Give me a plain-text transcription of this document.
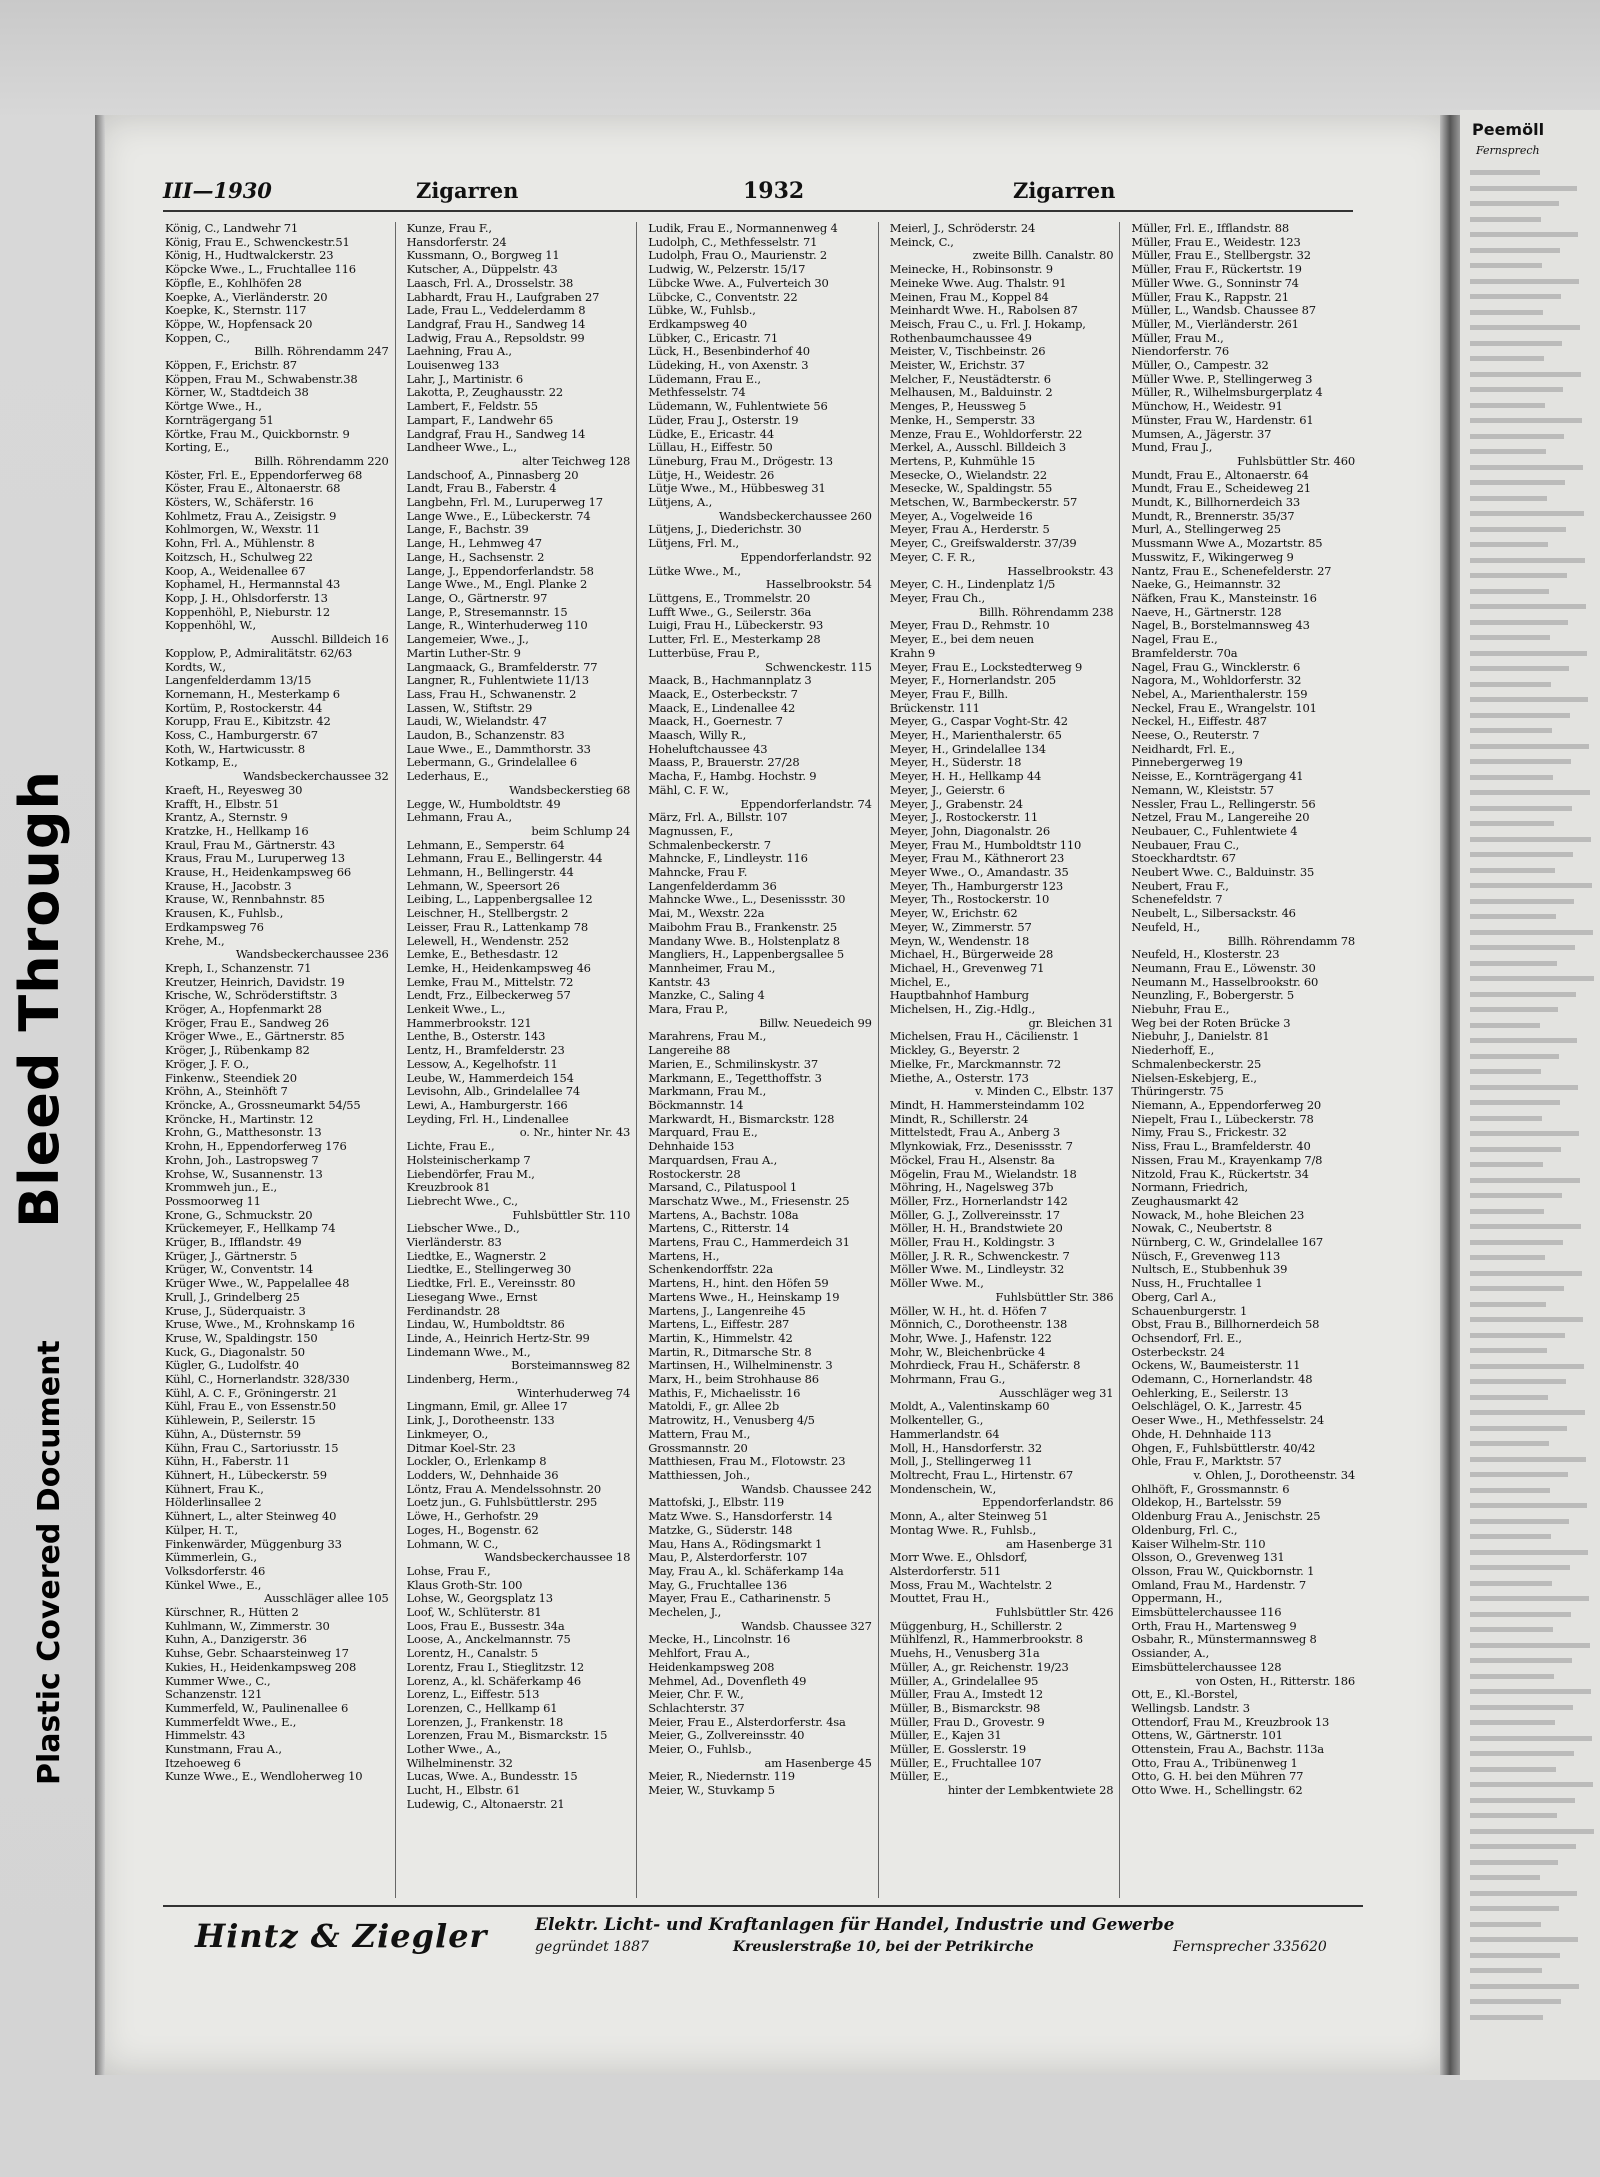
Bleed Through
Plastic Covered Document
Peemöll
Fernsprech
III—1930	Zigarren	1932	Zigarren
König, C., Landwehr 71
König, Frau E., Schwenckestr.51
König, H., Hudtwalckerstr. 23
Köpcke Wwe., L., Fruchtallee 116
Köpfle, E., Kohlhöfen 28
Koepke, A., Vierländerstr. 20
Koepke, K., Sternstr. 117
Köppe, W., Hopfensack 20
Koppen, C.,
Billh. Röhrendamm 247
Köppen, F., Erichstr. 87
Köppen, Frau M., Schwabenstr.38
Körner, W., Stadtdeich 38
Körtge Wwe., H.,
Kornträgergang 51
Körtke, Frau M., Quickbornstr. 9
Korting, E.,
Billh. Röhrendamm 220
Köster, Frl. E., Eppendorferweg 68
Köster, Frau E., Altonaerstr. 68
Kösters, W., Schäferstr. 16
Kohlmetz, Frau A., Zeisigstr. 9
Kohlmorgen, W., Wexstr. 11
Kohn, Frl. A., Mühlenstr. 8
Koitzsch, H., Schulweg 22
Koop, A., Weidenallee 67
Kophamel, H., Hermannstal 43
Kopp, J. H., Ohlsdorferstr. 13
Koppenhöhl, P., Nieburstr. 12
Koppenhöhl, W.,
Ausschl. Billdeich 16
Kopplow, P., Admiralitätstr. 62/63
Kordts, W.,
Langenfelderdamm 13/15
Kornemann, H., Mesterkamp 6
Kortüm, P., Rostockerstr. 44
Korupp, Frau E., Kibitzstr. 42
Koss, C., Hamburgerstr. 67
Koth, W., Hartwicusstr. 8
Kotkamp, E.,
Wandsbeckerchaussee 32
Kraeft, H., Reyesweg 30
Krafft, H., Elbstr. 51
Krantz, A., Sternstr. 9
Kratzke, H., Hellkamp 16
Kraul, Frau M., Gärtnerstr. 43
Kraus, Frau M., Luruperweg 13
Krause, H., Heidenkampsweg 66
Krause, H., Jacobstr. 3
Krause, W., Rennbahnstr. 85
Krausen, K., Fuhlsb.,
Erdkampsweg 76
Krehe, M.,
Wandsbeckerchaussee 236
Kreph, I., Schanzenstr. 71
Kreutzer, Heinrich, Davidstr. 19
Krische, W., Schröderstiftstr. 3
Kröger, A., Hopfenmarkt 28
Kröger, Frau E., Sandweg 26
Kröger Wwe., E., Gärtnerstr. 85
Kröger, J., Rübenkamp 82
Kröger, J. F. O.,
Finkenw., Steendiek 20
Kröhn, A., Steinhöft 7
Kröncke, A., Grossneumarkt 54/55
Kröncke, H., Martinstr. 12
Krohn, G., Matthesonstr. 13
Krohn, H., Eppendorferweg 176
Krohn, Joh., Lastropsweg 7
Krohse, W., Susannenstr. 13
Krommweh jun., E.,
Possmoorweg 11
Krone, G., Schmuckstr. 20
Krückemeyer, F., Hellkamp 74
Krüger, B., Ifflandstr. 49
Krüger, J., Gärtnerstr. 5
Krüger, W., Conventstr. 14
Krüger Wwe., W., Pappelallee 48
Krull, J., Grindelberg 25
Kruse, J., Süderquaistr. 3
Kruse, Wwe., M., Krohnskamp 16
Kruse, W., Spaldingstr. 150
Kuck, G., Diagonalstr. 50
Kügler, G., Ludolfstr. 40
Kühl, C., Hornerlandstr. 328/330
Kühl, A. C. F., Gröningerstr. 21
Kühl, Frau E., von Essenstr.50
Kühlewein, P., Seilerstr. 15
Kühn, A., Düsternstr. 59
Kühn, Frau C., Sartoriusstr. 15
Kühn, H., Faberstr. 11
Kühnert, H., Lübeckerstr. 59
Kühnert, Frau K.,
Hölderlinsallee 2
Kühnert, L., alter Steinweg 40
Külper, H. T.,
Finkenwärder, Müggenburg 33
Kümmerlein, G.,
Volksdorferstr. 46
Künkel Wwe., E.,
Ausschläger allee 105
Kürschner, R., Hütten 2
Kuhlmann, W., Zimmerstr. 30
Kuhn, A., Danzigerstr. 36
Kuhse, Gebr. Schaarsteinweg 17
Kukies, H., Heidenkampsweg 208
Kummer Wwe., C.,
Schanzenstr. 121
Kummerfeld, W., Paulinenallee 6
Kummerfeldt Wwe., E.,
Himmelstr. 43
Kunstmann, Frau A.,
Itzehoeweg 6
Kunze Wwe., E., Wendloherweg 10
Kunze, Frau F.,
Hansdorferstr. 24
Kussmann, O., Borgweg 11
Kutscher, A., Düppelstr. 43
Laasch, Frl. A., Drosselstr. 38
Labhardt, Frau H., Laufgraben 27
Lade, Frau L., Veddelerdamm 8
Landgraf, Frau H., Sandweg 14
Ladwig, Frau A., Repsoldstr. 99
Laehning, Frau A.,
Louisenweg 133
Lahr, J., Martinistr. 6
Lakotta, P., Zeughausstr. 22
Lambert, F., Feldstr. 55
Lampart, F., Landwehr 65
Landgraf, Frau H., Sandweg 14
Landheer Wwe., L.,
alter Teichweg 128
Landschoof, A., Pinnasberg 20
Landt, Frau B., Faberstr. 4
Langbehn, Frl. M., Luruperweg 17
Lange Wwe., E., Lübeckerstr. 74
Lange, F., Bachstr. 39
Lange, H., Lehmweg 47
Lange, H., Sachsenstr. 2
Lange, J., Eppendorferlandstr. 58
Lange Wwe., M., Engl. Planke 2
Lange, O., Gärtnerstr. 97
Lange, P., Stresemannstr. 15
Lange, R., Winterhuderweg 110
Langemeier, Wwe., J.,
Martin Luther-Str. 9
Langmaack, G., Bramfelderstr. 77
Langner, R., Fuhlentwiete 11/13
Lass, Frau H., Schwanenstr. 2
Lassen, W., Stiftstr. 29
Laudi, W., Wielandstr. 47
Laudon, B., Schanzenstr. 83
Laue Wwe., E., Dammthorstr. 33
Lebermann, G., Grindelallee 6
Lederhaus, E.,
Wandsbeckerstieg 68
Legge, W., Humboldtstr. 49
Lehmann, Frau A.,
beim Schlump 24
Lehmann, E., Semperstr. 64
Lehmann, Frau E., Bellingerstr. 44
Lehmann, H., Bellingerstr. 44
Lehmann, W., Speersort 26
Leibing, L., Lappenbergsallee 12
Leischner, H., Stellbergstr. 2
Leisser, Frau R., Lattenkamp 78
Lelewell, H., Wendenstr. 252
Lemke, E., Bethesdastr. 12
Lemke, H., Heidenkampsweg 46
Lemke, Frau M., Mittelstr. 72
Lendt, Frz., Eilbeckerweg 57
Lenkeit Wwe., L.,
Hammerbrookstr. 121
Lenthe, B., Osterstr. 143
Lentz, H., Bramfelderstr. 23
Lessow, A., Kegelhofstr. 11
Leube, W., Hammerdeich 154
Levisohn, Alb., Grindelallee 74
Lewi, A., Hamburgerstr. 166
Leyding, Frl. H., Lindenallee
o. Nr., hinter Nr. 43
Lichte, Frau E.,
Holsteinischerkamp 7
Liebendörfer, Frau M.,
Kreuzbrook 81
Liebrecht Wwe., C.,
Fuhlsbüttler Str. 110
Liebscher Wwe., D.,
Vierländerstr. 83
Liedtke, E., Wagnerstr. 2
Liedtke, E., Stellingerweg 30
Liedtke, Frl. E., Vereinsstr. 80
Liesegang Wwe., Ernst
Ferdinandstr. 28
Lindau, W., Humboldtstr. 86
Linde, A., Heinrich Hertz-Str. 99
Lindemann Wwe., M.,
Borsteimannsweg 82
Lindenberg, Herm.,
Winterhuderweg 74
Lingmann, Emil, gr. Allee 17
Link, J., Dorotheenstr. 133
Linkmeyer, O.,
Ditmar Koel-Str. 23
Lockler, O., Erlenkamp 8
Lodders, W., Dehnhaide 36
Löntz, Frau A. Mendelssohnstr. 20
Loetz jun., G. Fuhlsbüttlerstr. 295
Löwe, H., Gerhofstr. 29
Loges, H., Bogenstr. 62
Lohmann, W. C.,
Wandsbeckerchaussee 18
Lohse, Frau F.,
Klaus Groth-Str. 100
Lohse, W., Georgsplatz 13
Loof, W., Schlüterstr. 81
Loos, Frau E., Bussestr. 34a
Loose, A., Anckelmannstr. 75
Lorentz, H., Canalstr. 5
Lorentz, Frau I., Stieglitzstr. 12
Lorenz, A., kl. Schäferkamp 46
Lorenz, L., Eiffestr. 513
Lorenzen, C., Hellkamp 61
Lorenzen, J., Frankenstr. 18
Lorenzen, Frau M., Bismarckstr. 15
Lother Wwe., A.,
Wilhelminenstr. 32
Lucas, Wwe. A., Bundesstr. 15
Lucht, H., Elbstr. 61
Ludewig, C., Altonaerstr. 21
Ludik, Frau E., Normannenweg 4
Ludolph, C., Methfesselstr. 71
Ludolph, Frau O., Maurienstr. 2
Ludwig, W., Pelzerstr. 15/17
Lübcke Wwe. A., Fulverteich 30
Lübcke, C., Conventstr. 22
Lübke, W., Fuhlsb.,
Erdkampsweg 40
Lübker, C., Ericastr. 71
Lück, H., Besenbinderhof 40
Lüdeking, H., von Axenstr. 3
Lüdemann, Frau E.,
Methfesselstr. 74
Lüdemann, W., Fuhlentwiete 56
Lüder, Frau J., Osterstr. 19
Lüdke, E., Ericastr. 44
Lüllau, H., Eiffestr. 50
Lüneburg, Frau M., Drögestr. 13
Lütje, H., Weidestr. 26
Lütje Wwe., M., Hübbesweg 31
Lütjens, A.,
Wandsbeckerchaussee 260
Lütjens, J., Diederichstr. 30
Lütjens, Frl. M.,
Eppendorferlandstr. 92
Lütke Wwe., M.,
Hasselbrookstr. 54
Lüttgens, E., Trommelstr. 20
Lufft Wwe., G., Seilerstr. 36a
Luigi, Frau H., Lübeckerstr. 93
Lutter, Frl. E., Mesterkamp 28
Lutterbüse, Frau P.,
Schwenckestr. 115
Maack, B., Hachmannplatz 3
Maack, E., Osterbeckstr. 7
Maack, E., Lindenallee 42
Maack, H., Goernestr. 7
Maasch, Willy R.,
Hoheluftchaussee 43
Maass, P., Brauerstr. 27/28
Macha, F., Hambg. Hochstr. 9
Mähl, C. F. W.,
Eppendorferlandstr. 74
März, Frl. A., Billstr. 107
Magnussen, F.,
Schmalenbeckerstr. 7
Mahncke, F., Lindleystr. 116
Mahncke, Frau F.
Langenfelderdamm 36
Mahncke Wwe., L., Desenissstr. 30
Mai, M., Wexstr. 22a
Maibohm Frau B., Frankenstr. 25
Mandany Wwe. B., Holstenplatz 8
Mangliers, H., Lappenbergsallee 5
Mannheimer, Frau M.,
Kantstr. 43
Manzke, C., Saling 4
Mara, Frau P.,
Billw. Neuedeich 99
Marahrens, Frau M.,
Langereihe 88
Marien, E., Schmilinskystr. 37
Markmann, E., Tegetthoffstr. 3
Markmann, Frau M.,
Böckmannstr. 14
Markwardt, H., Bismarckstr. 128
Marquard, Frau E.,
Dehnhaide 153
Marquardsen, Frau A.,
Rostockerstr. 28
Marsand, C., Pilatuspool 1
Marschatz Wwe., M., Friesenstr. 25
Martens, A., Bachstr. 108a
Martens, C., Ritterstr. 14
Martens, Frau C., Hammerdeich 31
Martens, H.,
Schenkendorffstr. 22a
Martens, H., hint. den Höfen 59
Martens Wwe., H., Heinskamp 19
Martens, J., Langenreihe 45
Martens, L., Eiffestr. 287
Martin, K., Himmelstr. 42
Martin, R., Ditmarsche Str. 8
Martinsen, H., Wilhelminenstr. 3
Marx, H., beim Strohhause 86
Mathis, F., Michaelisstr. 16
Matoldi, F., gr. Allee 2b
Matrowitz, H., Venusberg 4/5
Mattern, Frau M.,
Grossmannstr. 20
Matthiesen, Frau M., Flotowstr. 23
Matthiessen, Joh.,
Wandsb. Chaussee 242
Mattofski, J., Elbstr. 119
Matz Wwe. S., Hansdorferstr. 14
Matzke, G., Süderstr. 148
Mau, Hans A., Rödingsmarkt 1
Mau, P., Alsterdorferstr. 107
May, Frau A., kl. Schäferkamp 14a
May, G., Fruchtallee 136
Mayer, Frau E., Catharinenstr. 5
Mechelen, J.,
Wandsb. Chaussee 327
Mecke, H., Lincolnstr. 16
Mehlfort, Frau A.,
Heidenkampsweg 208
Mehmel, Ad., Dovenfleth 49
Meier, Chr. F. W.,
Schlachterstr. 37
Meier, Frau E., Alsterdorferstr. 4sa
Meier, G., Zollvereinsstr. 40
Meier, O., Fuhlsb.,
am Hasenberge 45
Meier, R., Niedernstr. 119
Meier, W., Stuvkamp 5
Meierl, J., Schröderstr. 24
Meinck, C.,
zweite Billh. Canalstr. 80
Meinecke, H., Robinsonstr. 9
Meineke Wwe. Aug. Thalstr. 91
Meinen, Frau M., Koppel 84
Meinhardt Wwe. H., Rabolsen 87
Meisch, Frau C., u. Frl. J. Hokamp,
Rothenbaumchaussee 49
Meister, V., Tischbeinstr. 26
Meister, W., Erichstr. 37
Melcher, F., Neustädterstr. 6
Melhausen, M., Balduinstr. 2
Menges, P., Heussweg 5
Menke, H., Semperstr. 33
Menze, Frau E., Wohldorferstr. 22
Merkel, A., Ausschl. Billdeich 3
Mertens, P., Kuhmühle 15
Mesecke, O., Wielandstr. 22
Mesecke, W., Spaldingstr. 55
Metschen, W., Barmbeckerstr. 57
Meyer, A., Vogelweide 16
Meyer, Frau A., Herderstr. 5
Meyer, C., Greifswalderstr. 37/39
Meyer, C. F. R.,
Hasselbrookstr. 43
Meyer, C. H., Lindenplatz 1/5
Meyer, Frau Ch.,
Billh. Röhrendamm 238
Meyer, Frau D., Rehmstr. 10
Meyer, E., bei dem neuen
Krahn 9
Meyer, Frau E., Lockstedterweg 9
Meyer, F., Hornerlandstr. 205
Meyer, Frau F., Billh.
Brückenstr. 111
Meyer, G., Caspar Voght-Str. 42
Meyer, H., Marienthalerstr. 65
Meyer, H., Grindelallee 134
Meyer, H., Süderstr. 18
Meyer, H. H., Hellkamp 44
Meyer, J., Geierstr. 6
Meyer, J., Grabenstr. 24
Meyer, J., Rostockerstr. 11
Meyer, John, Diagonalstr. 26
Meyer, Frau M., Humboldtstr 110
Meyer, Frau M., Käthnerort 23
Meyer Wwe., O., Amandastr. 35
Meyer, Th., Hamburgerstr 123
Meyer, Th., Rostockerstr. 10
Meyer, W., Erichstr. 62
Meyer, W., Zimmerstr. 57
Meyn, W., Wendenstr. 18
Michael, H., Bürgerweide 28
Michael, H., Grevenweg 71
Michel, E.,
Hauptbahnhof Hamburg
Michelsen, H., Zig.-Hdlg.,
gr. Bleichen 31
Michelsen, Frau H., Cäcilienstr. 1
Mickley, G., Beyerstr. 2
Mielke, Fr., Marckmannstr. 72
Miethe, A., Osterstr. 173
v. Minden C., Elbstr. 137
Mindt, H. Hammersteindamm 102
Mindt, R., Schillerstr. 24
Mittelstedt, Frau A., Anberg 3
Mlynkowiak, Frz., Desenissstr. 7
Möckel, Frau H., Alsenstr. 8a
Mögelin, Frau M., Wielandstr. 18
Möhring, H., Nagelsweg 37b
Möller, Frz., Hornerlandstr 142
Möller, G. J., Zollvereinsstr. 17
Möller, H. H., Brandstwiete 20
Möller, Frau H., Koldingstr. 3
Möller, J. R. R., Schwenckestr. 7
Möller Wwe. M., Lindleystr. 32
Möller Wwe. M.,
Fuhlsbüttler Str. 386
Möller, W. H., ht. d. Höfen 7
Mönnich, C., Dorotheenstr. 138
Mohr, Wwe. J., Hafenstr. 122
Mohr, W., Bleichenbrücke 4
Mohrdieck, Frau H., Schäferstr. 8
Mohrmann, Frau G.,
Ausschläger weg 31
Moldt, A., Valentinskamp 60
Molkenteller, G.,
Hammerlandstr. 64
Moll, H., Hansdorferstr. 32
Moll, J., Stellingerweg 11
Moltrecht, Frau L., Hirtenstr. 67
Mondenschein, W.,
Eppendorferlandstr. 86
Monn, A., alter Steinweg 51
Montag Wwe. R., Fuhlsb.,
am Hasenberge 31
Morr Wwe. E., Ohlsdorf,
Alsterdorferstr. 511
Moss, Frau M., Wachtelstr. 2
Mouttet, Frau H.,
Fuhlsbüttler Str. 426
Müggenburg, H., Schillerstr. 2
Mühlfenzl, R., Hammerbrookstr. 8
Muehs, H., Venusberg 31a
Müller, A., gr. Reichenstr. 19/23
Müller, A., Grindelallee 95
Müller, Frau A., Imstedt 12
Müller, B., Bismarckstr. 98
Müller, Frau D., Grovestr. 9
Müller, E., Kajen 31
Müller, E. Gosslerstr. 19
Müller, E., Fruchtallee 107
Müller, E.,
hinter der Lembkentwiete 28
Müller, Frl. E., Ifflandstr. 88
Müller, Frau E., Weidestr. 123
Müller, Frau E., Stellbergstr. 32
Müller, Frau F., Rückertstr. 19
Müller Wwe. G., Sonninstr 74
Müller, Frau K., Rappstr. 21
Müller, L., Wandsb. Chaussee 87
Müller, M., Vierländerstr. 261
Müller, Frau M.,
Niendorferstr. 76
Müller, O., Campestr. 32
Müller Wwe. P., Stellingerweg 3
Müller, R., Wilhelmsburgerplatz 4
Münchow, H., Weidestr. 91
Münster, Frau W., Hardenstr. 61
Mumsen, A., Jägerstr. 37
Mund, Frau J.,
Fuhlsbüttler Str. 460
Mundt, Frau E., Altonaerstr. 64
Mundt, Frau E., Scheideweg 21
Mundt, K., Billhornerdeich 33
Mundt, R., Brennerstr. 35/37
Murl, A., Stellingerweg 25
Mussmann Wwe A., Mozartstr. 85
Musswitz, F., Wikingerweg 9
Nantz, Frau E., Schenefelderstr. 27
Naeke, G., Heimannstr. 32
Näfken, Frau K., Mansteinstr. 16
Naeve, H., Gärtnerstr. 128
Nagel, B., Borstelmannsweg 43
Nagel, Frau E.,
Bramfelderstr. 70a
Nagel, Frau G., Wincklerstr. 6
Nagora, M., Wohldorferstr. 32
Nebel, A., Marienthalerstr. 159
Neckel, Frau E., Wrangelstr. 101
Neckel, H., Eiffestr. 487
Neese, O., Reuterstr. 7
Neidhardt, Frl. E.,
Pinnebergerweg 19
Neisse, E., Kornträgergang 41
Nemann, W., Kleiststr. 57
Nessler, Frau L., Rellingerstr. 56
Netzel, Frau M., Langereihe 20
Neubauer, C., Fuhlentwiete 4
Neubauer, Frau C.,
Stoeckhardtstr. 67
Neubert Wwe. C., Balduinstr. 35
Neubert, Frau F.,
Schenefeldstr. 7
Neubelt, L., Silbersackstr. 46
Neufeld, H.,
Billh. Röhrendamm 78
Neufeld, H., Klosterstr. 23
Neumann, Frau E., Löwenstr. 30
Neumann M., Hasselbrookstr. 60
Neunzling, F., Bobergerstr. 5
Niebuhr, Frau E.,
Weg bei der Roten Brücke 3
Niebuhr, J., Danielstr. 81
Niederhoff, E.,
Schmalenbeckerstr. 25
Nielsen-Eskebjerg, E.,
Thüringerstr. 75
Niemann, A., Eppendorferweg 20
Niepelt, Frau I., Lübeckerstr. 78
Nimy, Frau S., Frickestr. 32
Niss, Frau L., Bramfelderstr. 40
Nissen, Frau M., Krayenkamp 7/8
Nitzold, Frau K., Rückertstr. 34
Normann, Friedrich,
Zeughausmarkt 42
Nowack, M., hohe Bleichen 23
Nowak, C., Neubertstr. 8
Nürnberg, C. W., Grindelallee 167
Nüsch, F., Grevenweg 113
Nultsch, E., Stubbenhuk 39
Nuss, H., Fruchtallee 1
Oberg, Carl A.,
Schauenburgerstr. 1
Obst, Frau B., Billhornerdeich 58
Ochsendorf, Frl. E.,
Osterbeckstr. 24
Ockens, W., Baumeisterstr. 11
Odemann, C., Hornerlandstr. 48
Oehlerking, E., Seilerstr. 13
Oelschlägel, O. K., Jarrestr. 45
Oeser Wwe., H., Methfesselstr. 24
Ohde, H. Dehnhaide 113
Ohgen, F., Fuhlsbüttlerstr. 40/42
Ohle, Frau F., Marktstr. 57
v. Ohlen, J., Dorotheenstr. 34
Ohlhöft, F., Grossmannstr. 6
Oldekop, H., Bartelsstr. 59
Oldenburg Frau A., Jenischstr. 25
Oldenburg, Frl. C.,
Kaiser Wilhelm-Str. 110
Olsson, O., Grevenweg 131
Olsson, Frau W., Quickbornstr. 1
Omland, Frau M., Hardenstr. 7
Oppermann, H.,
Eimsbüttelerchaussee 116
Orth, Frau H., Martensweg 9
Osbahr, R., Münstermannsweg 8
Ossiander, A.,
Eimsbüttelerchaussee 128
von Osten, H., Ritterstr. 186
Ott, E., Kl.-Borstel,
Wellingsb. Landstr. 3
Ottendorf, Frau M., Kreuzbrook 13
Ottens, W., Gärtnerstr. 101
Ottenstein, Frau A., Bachstr. 113a
Otto, Frau A., Tribünenweg 1
Otto, G. H. bei den Mühren 77
Otto Wwe. H., Schellingstr. 62
Hintz & Ziegler	Elektr. Licht- und Kraftanlagen für Handel, Industrie und Gewerbe
gegründet 1887	Kreuslerstraße 10, bei der Petrikirche	Fernsprecher 335620
